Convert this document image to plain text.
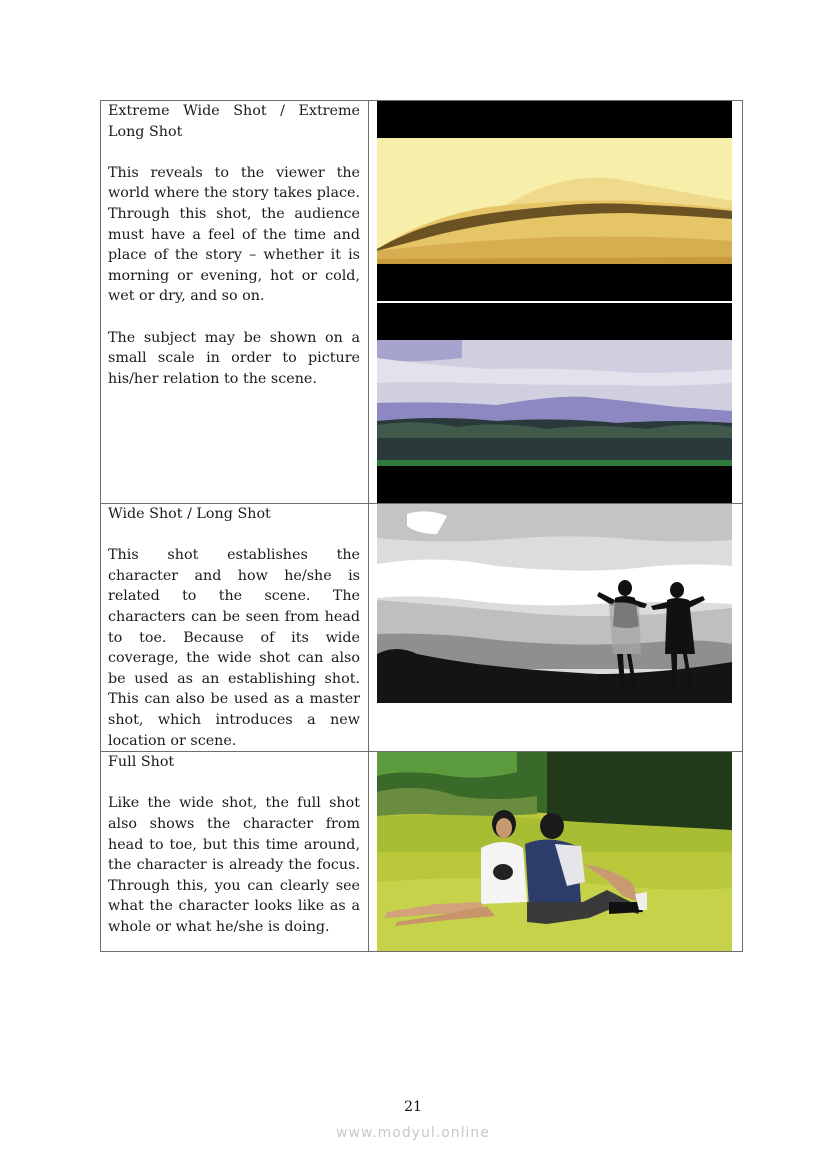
Extreme Wide Shot / Extreme Long Shot

This reveals to the viewer the world where the story takes place. Through this shot, the audience must have a feel of the time and place of the story – whether it is morning or evening, hot or cold, wet or dry, and so on.

The subject may be shown on a small scale in order to picture his/her relation to the scene.

Wide Shot / Long Shot

This shot establishes the character and how he/she is related to the scene. The characters can be seen from head to toe. Because of its wide coverage, the wide shot can also be used as an establishing shot. This can also be used as a master shot, which introduces a new location or scene.

Full Shot

Like the wide shot, the full shot also shows the character from head to toe, but this time around, the character is already the focus. Through this, you can clearly see what the character looks like as a whole or what he/she is doing.

21
www.modyul.online
